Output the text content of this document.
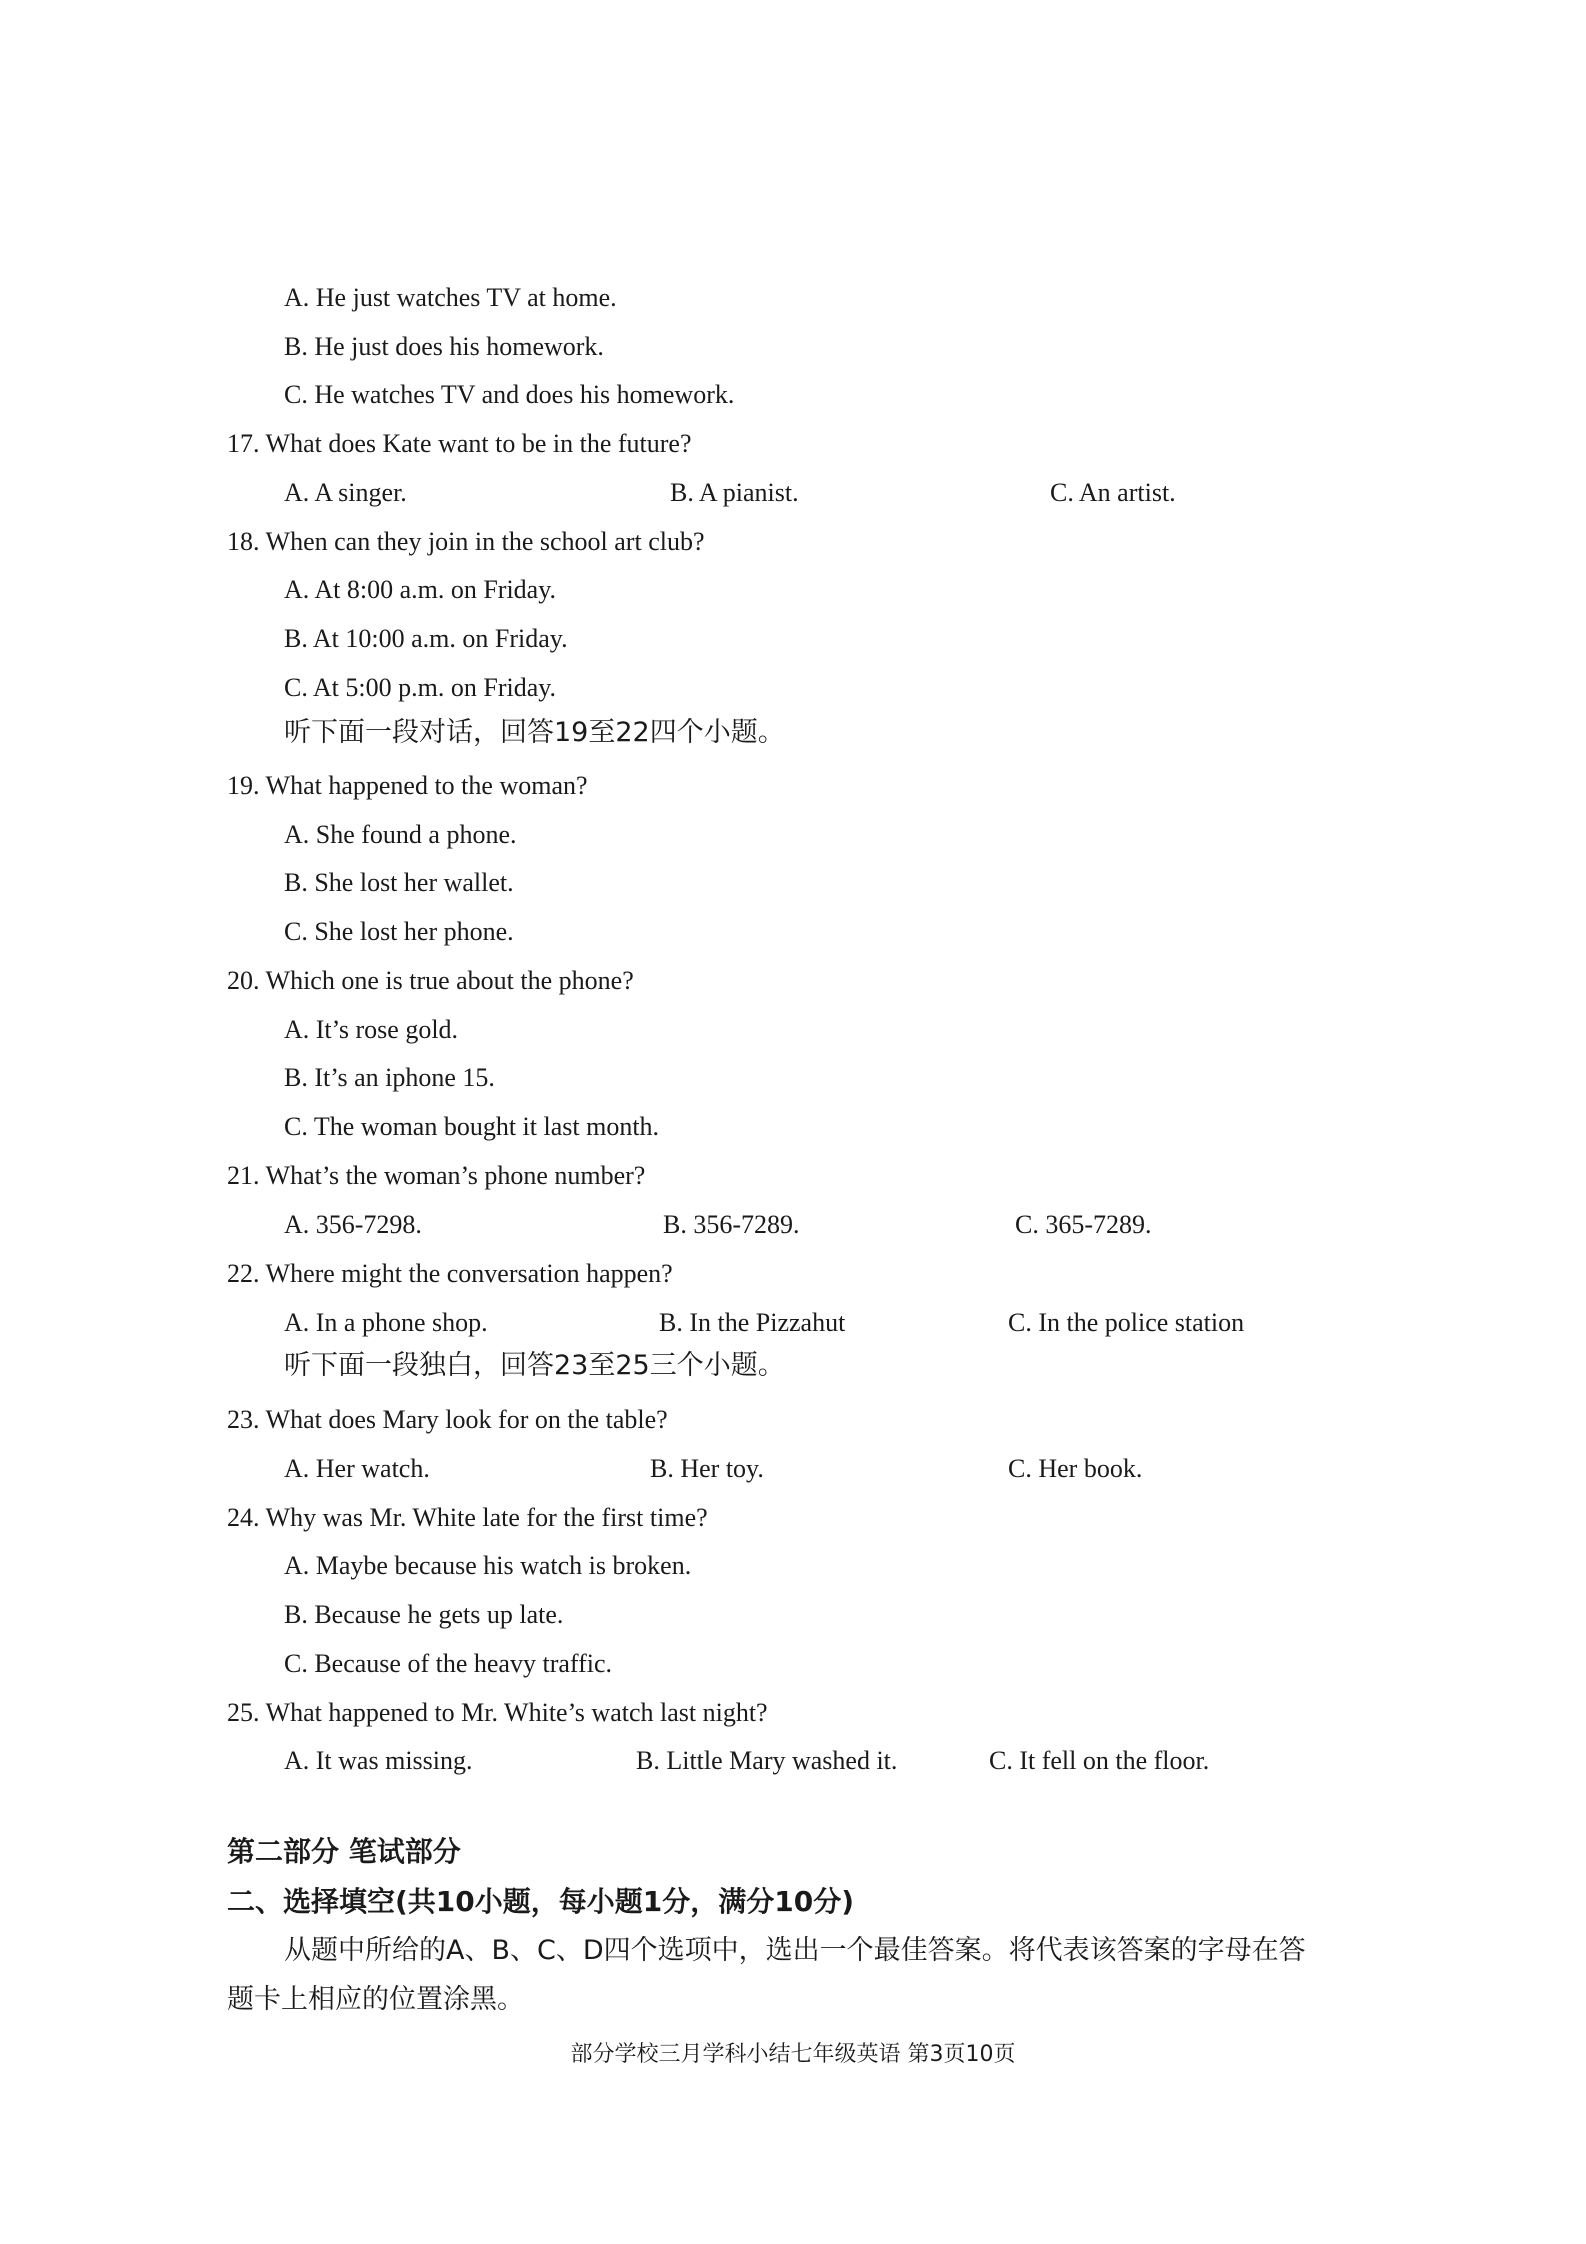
A. He just watches TV at home.
B. He just does his homework.
C. He watches TV and does his homework.
17. What does Kate want to be in the future?
A. A singer.	B. A pianist.	C. An artist.
18. When can they join in the school art club?
A. At 8:00 a.m. on Friday.
B. At 10:00 a.m. on Friday.
C. At 5:00 p.m. on Friday.
听下面一段对话，回答19至22四个小题。
19. What happened to the woman?
A. She found a phone.
B. She lost her wallet.
C. She lost her phone.
20. Which one is true about the phone?
A. It’s rose gold.
B. It’s an iphone 15.
C. The woman bought it last month.
21. What’s the woman’s phone number?
A. 356-7298.	B. 356-7289.	C. 365-7289.
22. Where might the conversation happen?
A. In a phone shop.	B. In the Pizzahut	C. In the police station
听下面一段独白，回答23至25三个小题。
23. What does Mary look for on the table?
A. Her watch.	B. Her toy.	C. Her book.
24. Why was Mr. White late for the first time?
A. Maybe because his watch is broken.
B. Because he gets up late.
C. Because of the heavy traffic.
25. What happened to Mr. White’s watch last night?
A. It was missing.	B. Little Mary washed it.	C. It fell on the floor.
第二部分 笔试部分
二、选择填空(共10小题，每小题1分，满分10分)
从题中所给的A、B、C、D四个选项中，选出一个最佳答案。将代表该答案的字母在答
题卡上相应的位置涂黑。
部分学校三月学科小结七年级英语 第3页10页
